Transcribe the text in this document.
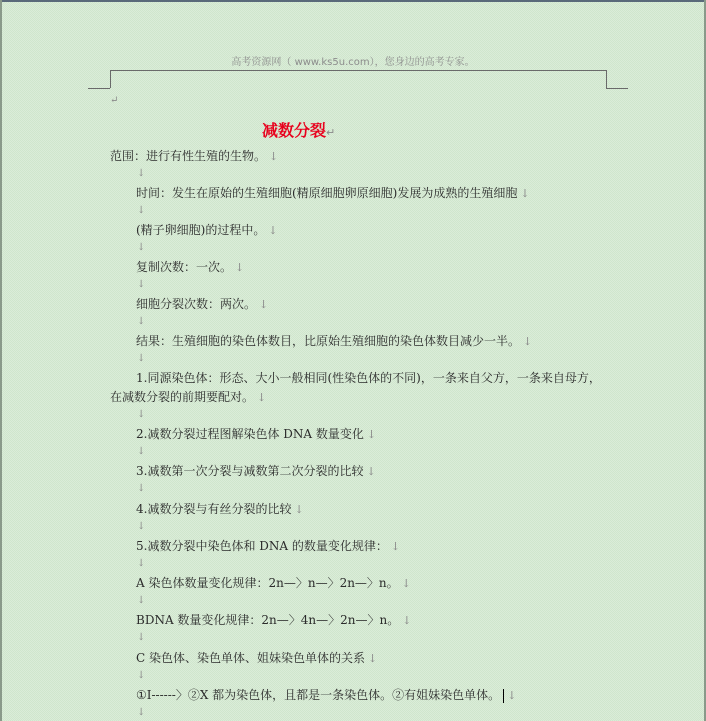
高考资源网（ www.ks5u.com），您身边的高考专家。
↵
减数分裂↵
范围：进行有性生殖的生物。 ↓
↓
时间：发生在原始的生殖细胞(精原细胞卵原细胞)发展为成熟的生殖细胞 ↓
↓
(精子卵细胞)的过程中。 ↓
↓
复制次数：一次。 ↓
↓
细胞分裂次数：两次。 ↓
↓
结果：生殖细胞的染色体数目，比原始生殖细胞的染色体数目减少一半。 ↓
↓
1.同源染色体：形态、大小一般相同(性染色体的不同)，一条来自父方，一条来自母方，
在减数分裂的前期要配对。 ↓
↓
2.减数分裂过程图解染色体 DNA 数量变化 ↓
↓
3.减数第一次分裂与减数第二次分裂的比较 ↓
↓
4.减数分裂与有丝分裂的比较 ↓
↓
5.减数分裂中染色体和 DNA 的数量变化规律： ↓
↓
A 染色体数量变化规律：2n—〉n—〉2n—〉n。 ↓
↓
BDNA 数量变化规律：2n—〉4n—〉2n—〉n。 ↓
↓
C 染色体、染色单体、姐妹染色单体的关系 ↓
↓
①I------〉②X 都为染色体，且都是一条染色体。②有姐妹染色单体。 ↓
↓
